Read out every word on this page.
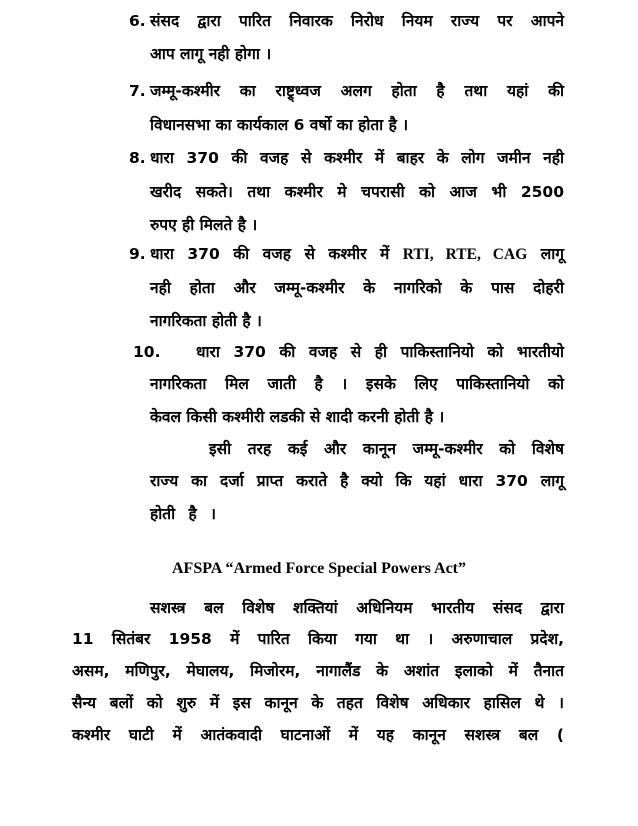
6. संसद द्वारा पारित निवारक निरोध नियम राज्य पर आपने
आप लागू नही होगा ।
7. जम्मू-कश्मीर का राष्ट्र्ध्वज अलग होता है तथा यहां की
विधानसभा का कार्यकाल 6 वर्षो का होता है ।
8. धारा 370 की वजह से कश्मीर में बाहर के लोग जमीन नही
खरीद सकते। तथा कश्मीर मे चपरासी को आज भी 2500
रुपए ही मिलते है ।
9. धारा 370 की वजह से कश्मीर में RTI, RTE, CAG लागू
नही होता और जम्मू-कश्मीर के नागरिको के पास दोहरी
नागरिकता होती है ।
10. धारा 370 की वजह से ही पाकिस्तानियो को भारतीयो
नागरिकता मिल जाती है । इसके लिए पाकिस्तानियो को
केवल किसी कश्मीरी लडकी से शादी करनी होती है ।
इसी तरह कई और कानून जम्मू-कश्मीर को विशेष
राज्य का दर्जा प्राप्त कराते है क्यो कि यहां धारा 370 लागू
होती है ।
AFSPA “Armed Force Special Powers Act”
सशस्त्र बल विशेष शक्तियां अधिनियम भारतीय संसद द्वारा
11 सितंबर 1958 में पारित किया गया था । अरुणाचाल प्रदेश,
असम, मणिपुर, मेघालय, मिजोरम, नागालैंड के अशांत इलाको में तैनात
सैन्य बलों को शुरु में इस कानून के तहत विशेष अधिकार हासिल थे ।
कश्मीर घाटी में आतंकवादी घाटनाओं में यह कानून सशस्त्र बल (
